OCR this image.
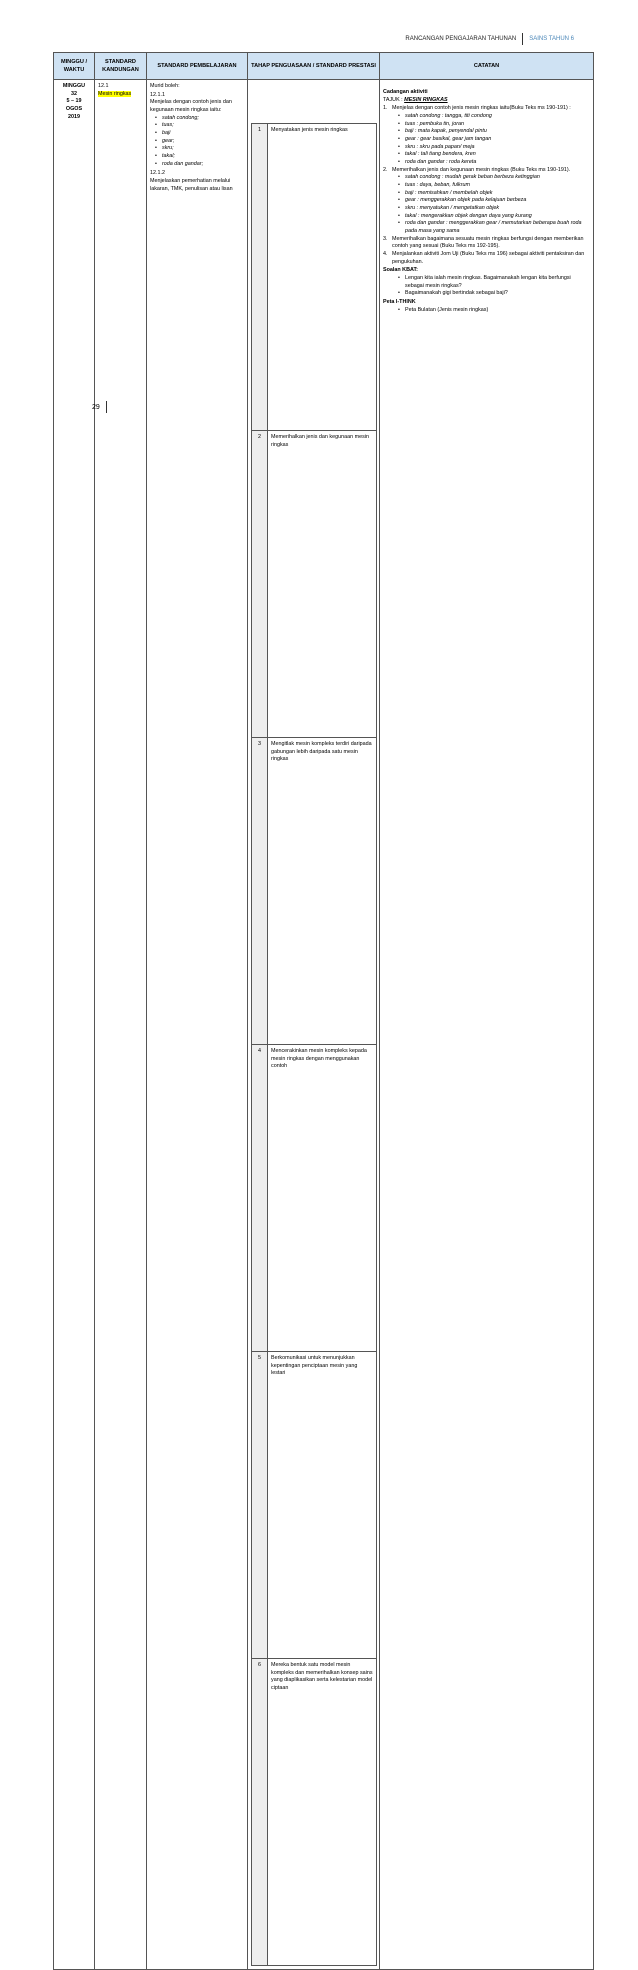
RANCANGAN PENGAJARAN TAHUNAN SAINS TAHUN 6
MINGGU / WAKTU	STANDARD KANDUNGAN	STANDARD PEMBELAJARAN	TAHAP PENGUASAAN / STANDARD PRESTASI	CATATAN

MINGGU
32
5 – 19
OGOS
2019

12.1
Mesin ringkas

Murid boleh:

12.1.1
Menjelas dengan contoh jenis dan kegunaan mesin ringkas iaitu:
• satah condong;
• tuas;
• baji
• gear;
• skru;
• takal;
• roda dan gandar;
12.1.2
Menjelaskan pemerhatian melalui lakaran, TMK, penulisan atau lisan

1	Menyatakan jenis mesin ringkas
2	Memerihalkan jenis dan kegunaan mesin ringkas
3	Mengitlak mesin kompleks terdiri daripada gabungan lebih daripada satu mesin ringkas
4	Mencerakinkan mesin kompleks kepada mesin ringkas dengan menggunakan contoh
5	Berkomunikasi untuk menunjukkan kepentingan penciptaan mesin yang lestari
6	Mereka bentuk satu model mesin kompleks dan memerihalkan konsep sains yang diaplikasikan serta kelestarian model ciptaan

Cadangan aktiviti
TAJUK : MESIN RINGKAS
1. Menjelas dengan contoh jenis mesin ringkas iaitu(Buku Teks ms 190-191) :
• satah condong : tangga, titi condong
• tuas : pembuka tin, joran
• baji : mata kapak, penyendal pintu
• gear : gear basikal, gear jam tangan
• skru : skru pada papan/ meja
• takal : tali tiang bendera, kren
• roda dan gandar : roda kereta
2. Memerihalkan jenis dan kegunaan mesin ringkas (Buku Teks ms 190-191).
• satah condong : mudah gerak beban berbeza ketinggian
• tuas : daya, beban, fulkrum
• baji : memisahkan / membelah objek
• gear : menggerakkan objek pada kelajuan berbeza
• skru : menyatukan / mengetatkan objek
• takal : mengerakkan objek dengan daya yang kurang
• roda dan gandar : menggerakkan gear / memutarkan beberapa buah roda pada masa yang sama
3. Memerihalkan bagaimana sesuatu mesin ringkas berfungsi dengan memberikan contoh yang sesuai (Buku Teks ms 192-195).
4. Menjalankan aktiviti Jom Uji (Buku Teks ms 196) sebagai aktiviti pentaksiran dan pengukuhan.
Soalan KBAT:
• Lengan kita ialah mesin ringkas. Bagaimanakah lengan kita berfungsi sebagai mesin ringkas?
• Bagaimanakah gigi bertindak sebagai baji?
Peta I-THINK
• Peta Bulatan (Jenis mesin ringkas)
29
